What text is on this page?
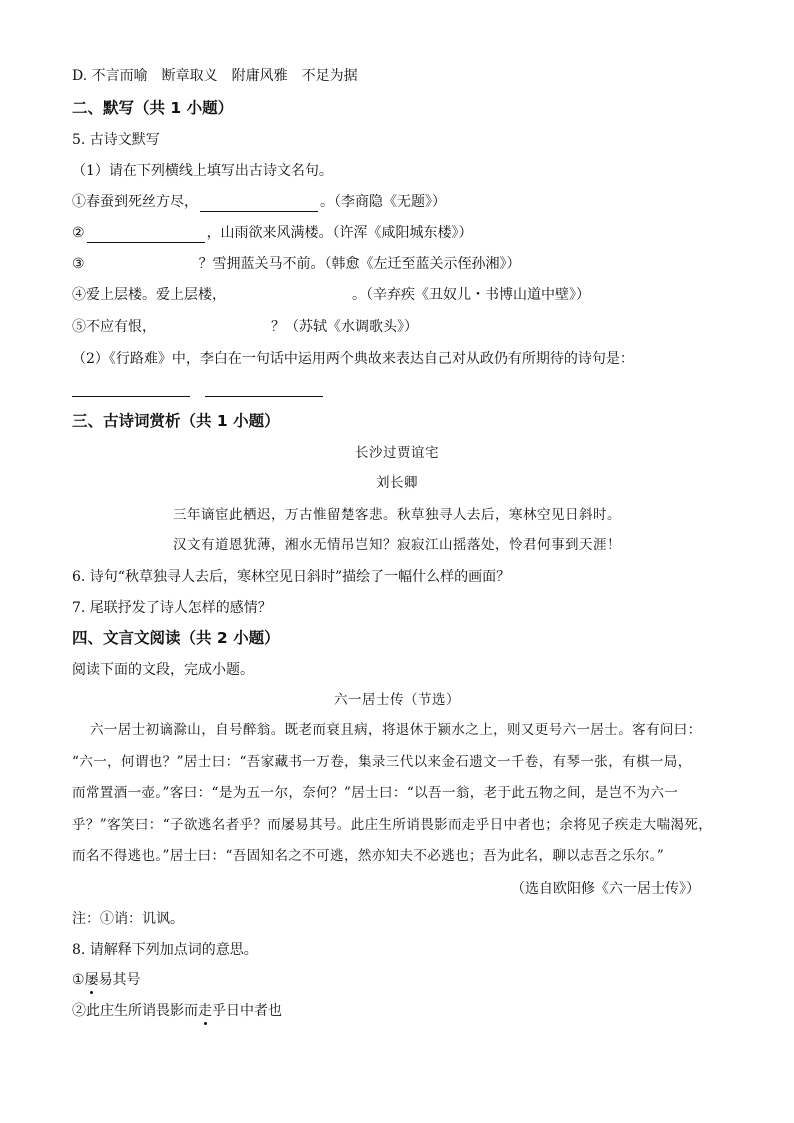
D. 不言而喻　断章取义　附庸风雅　不足为据
二、默写（共 1 小题）
5. 古诗文默写
（1）请在下列横线上填写出古诗文名句。
①春蚕到死丝方尽，	。（李商隐《无题》）
②	，山雨欲来风满楼。（许浑《咸阳城东楼》）
③	？雪拥蓝关马不前。（韩愈《左迁至蓝关示侄孙湘》）
④爱上层楼。爱上层楼，	。（辛弃疾《丑奴儿・书博山道中壁》）
⑤不应有恨，	？（苏轼《水调歌头》）
（2）《行路难》中，李白在一句话中运用两个典故来表达自己对从政仍有所期待的诗句是：
三、古诗词赏析（共 1 小题）
长沙过贾谊宅
刘长卿
三年谪宦此栖迟，万古惟留楚客悲。秋草独寻人去后，寒林空见日斜时。
汉文有道恩犹薄，湘水无情吊岂知？寂寂江山摇落处，怜君何事到天涯！
6. 诗句“秋草独寻人去后，寒林空见日斜时”描绘了一幅什么样的画面？
7. 尾联抒发了诗人怎样的感情？
四、文言文阅读（共 2 小题）
阅读下面的文段，完成小题。
六一居士传（节选）
六一居士初谪滁山，自号醉翁。既老而衰且病，将退休于颍水之上，则又更号六一居士。客有问曰：
“六一，何谓也？”居士曰：“吾家藏书一万卷，集录三代以来金石遗文一千卷，有琴一张，有棋一局，
而常置酒一壶。”客曰：“是为五一尔，奈何？”居士曰：“以吾一翁，老于此五物之间，是岂不为六一
乎？”客笑曰：“子欲逃名者乎？而屡易其号。此庄生所诮畏影而走乎日中者也；余将见子疾走大喘渴死，
而名不得逃也。”居士曰：“吾固知名之不可逃，然亦知夫不必逃也；吾为此名，聊以志吾之乐尔。”
（选自欧阳修《六一居士传》）
注：①诮：讥讽。
8. 请解释下列加点词的意思。
①屡易其号
②此庄生所诮畏影而走乎日中者也
